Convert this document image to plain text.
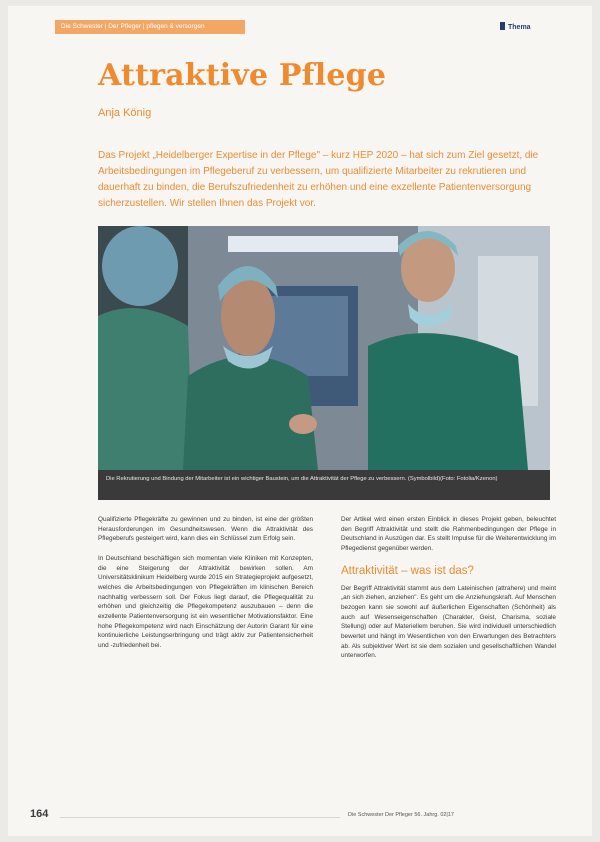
Die Schwester | Der Pfleger | pflegen & versorgen	Thema
Attraktive Pflege
Anja König

Das Projekt „Heidelberger Expertise in der Pflege" – kurz HEP 2020 – hat sich zum Ziel gesetzt, die Arbeitsbedingungen im Pflegeberuf zu verbessern, um qualifizierte Mitarbeiter zu rekrutieren und dauerhaft zu binden, die Berufszufriedenheit zu erhöhen und eine exzellente Patientenversorgung sicherzustellen. Wir stellen Ihnen das Projekt vor.

Die Rekrutierung und Bindung der Mitarbeiter ist ein wichtiger Baustein, um die Attraktivität der Pflege zu verbessern. (Symbolbild)(Foto: Fotolia/Kzenon)

Qualifizierte Pflegekräfte zu gewinnen und zu binden, ist eine der größten Herausforderungen im Gesundheitswesen. Wenn die Attraktivität des Pflegeberufs gesteigert wird, kann dies ein Schlüssel zum Erfolg sein.

In Deutschland beschäftigen sich momentan viele Kliniken mit Konzepten, die eine Steigerung der Attraktivität bewirken sollen. Am Universitätsklinikum Heidelberg wurde 2015 ein Strategieprojekt aufgesetzt, welches die Arbeitsbedingungen von Pflegekräften im klinischen Bereich nachhaltig verbessern soll. Der Fokus liegt darauf, die Pflegequalität zu erhöhen und gleichzeitig die Pflegekompetenz auszubauen – denn die exzellente Patientenversorgung ist ein wesentlicher Motivationsfaktor. Eine hohe Pflegekompetenz wird nach Einschätzung der Autorin Garant für eine kontinuierliche Leistungserbringung und trägt aktiv zur Patientensicherheit und -zufriedenheit bei.

Der Artikel wird einen ersten Einblick in dieses Projekt geben, beleuchtet den Begriff Attraktivität und stellt die Rahmenbedingungen der Pflege in Deutschland in Auszügen dar. Es stellt Impulse für die Weiterentwicklung im Pflegedienst gegenüber werden.

Attraktivität – was ist das?

Der Begriff Attraktivität stammt aus dem Lateinischen (attrahere) und meint „an sich ziehen, anziehen". Es geht um die Anziehungskraft. Auf Menschen bezogen kann sie sowohl auf äußerlichen Eigenschaften (Schönheit) als auch auf Wesenseigenschaften (Charakter, Geist, Charisma, soziale Stellung) oder auf Materiellem beruhen. Sie wird individuell unterschiedlich bewertet und hängt im Wesentlichen von den Erwartungen des Betrachters ab. Als subjektiver Wert ist sie dem sozialen und gesellschaftlichen Wandel unterworfen.

164	Die Schwester Der Pfleger 56. Jahrg. 02|17
